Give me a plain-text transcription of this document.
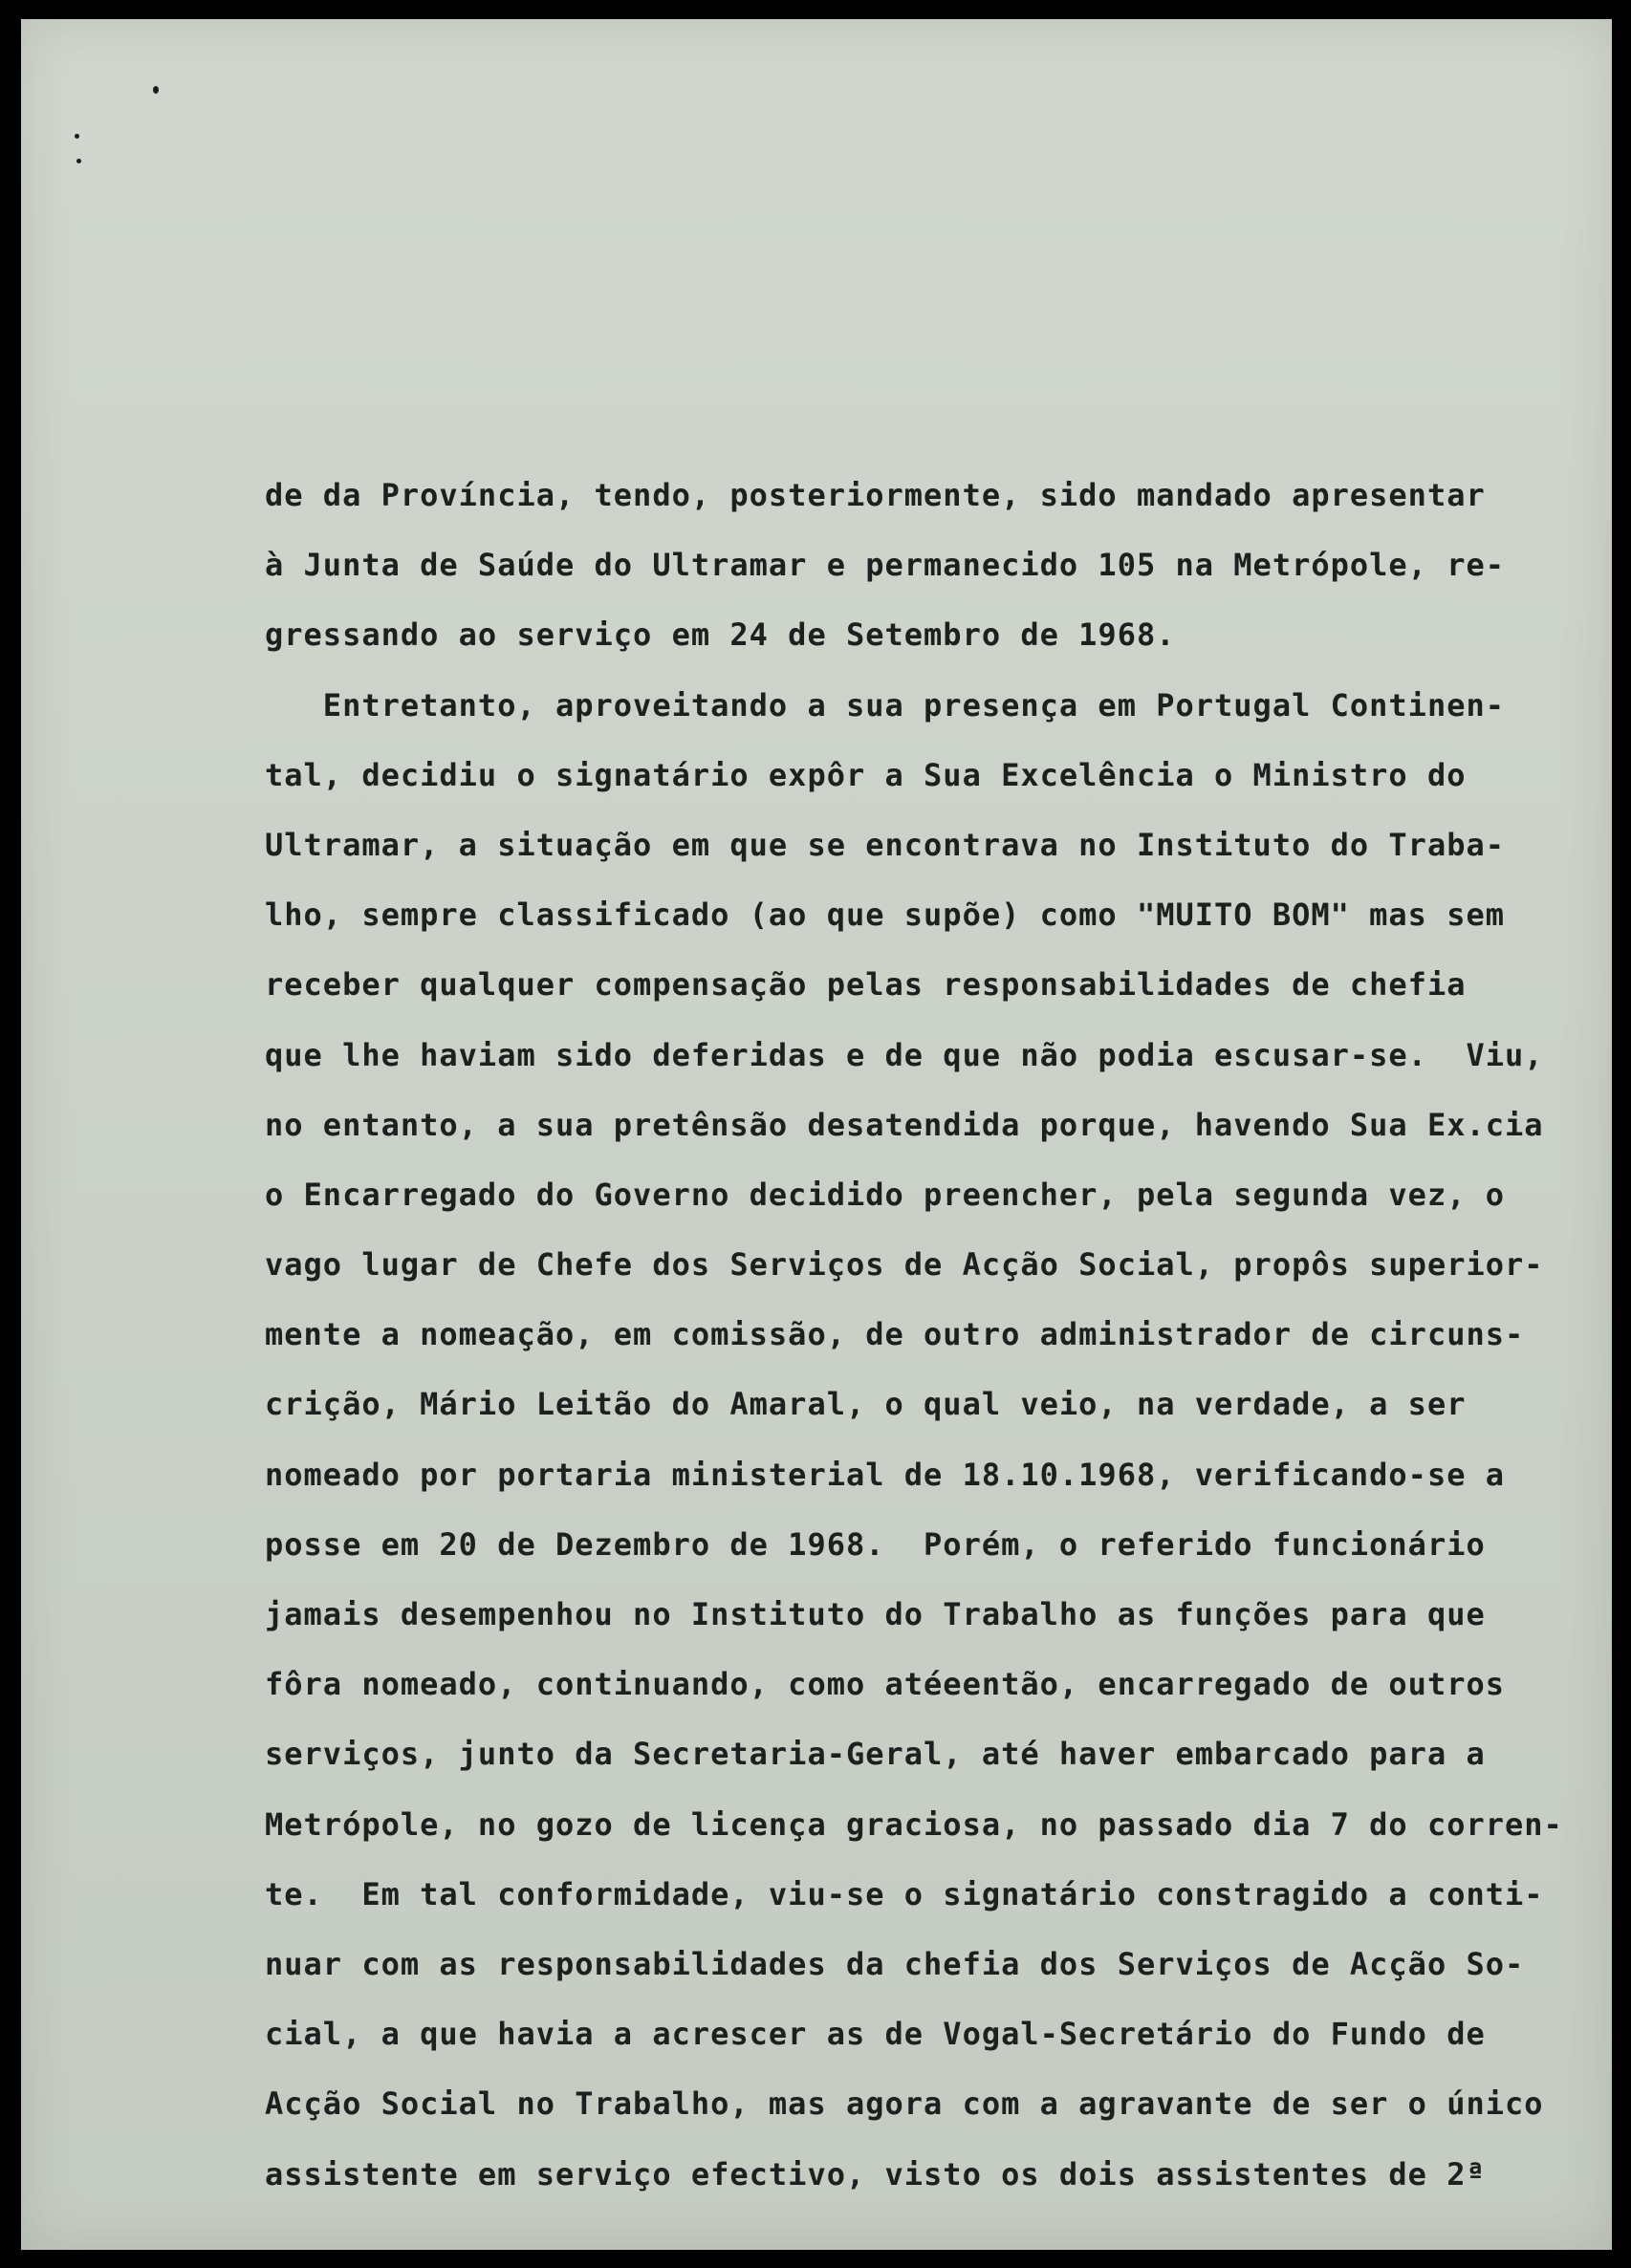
de da Província, tendo, posteriormente, sido mandado apresentar
à Junta de Saúde do Ultramar e permanecido 105 na Metrópole, re-
gressando ao serviço em 24 de Setembro de 1968.
Entretanto, aproveitando a sua presença em Portugal Continen-
tal, decidiu o signatário expôr a Sua Excelência o Ministro do
Ultramar, a situação em que se encontrava no Instituto do Traba-
lho, sempre classificado (ao que supõe) como "MUITO BOM" mas sem
receber qualquer compensação pelas responsabilidades de chefia
que lhe haviam sido deferidas e de que não podia escusar-se.  Viu,
no entanto, a sua pretênsão desatendida porque, havendo Sua Ex.cia
o Encarregado do Governo decidido preencher, pela segunda vez, o
vago lugar de Chefe dos Serviços de Acção Social, propôs superior-
mente a nomeação, em comissão, de outro administrador de circuns-
crição, Mário Leitão do Amaral, o qual veio, na verdade, a ser
nomeado por portaria ministerial de 18.10.1968, verificando-se a
posse em 20 de Dezembro de 1968.  Porém, o referido funcionário
jamais desempenhou no Instituto do Trabalho as funções para que
fôra nomeado, continuando, como atéeentão, encarregado de outros
serviços, junto da Secretaria-Geral, até haver embarcado para a
Metrópole, no gozo de licença graciosa, no passado dia 7 do corren-
te.  Em tal conformidade, viu-se o signatário constragido a conti-
nuar com as responsabilidades da chefia dos Serviços de Acção So-
cial, a que havia a acrescer as de Vogal-Secretário do Fundo de
Acção Social no Trabalho, mas agora com a agravante de ser o único
assistente em serviço efectivo, visto os dois assistentes de 2ª
